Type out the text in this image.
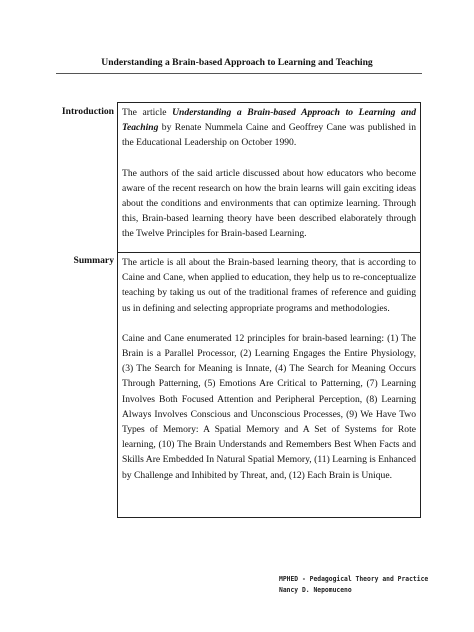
Understanding a Brain-based Approach to Learning and Teaching
Introduction The article Understanding a Brain-based Approach to Learning and Teaching by Renate Nummela Caine and Geoffrey Cane was published in the Educational Leadership on October 1990.

The authors of the said article discussed about how educators who become aware of the recent research on how the brain learns will gain exciting ideas about the conditions and environments that can optimize learning. Through this, Brain-based learning theory have been described elaborately through the Twelve Principles for Brain-based Learning.

Summary The article is all about the Brain-based learning theory, that is according to Caine and Cane, when applied to education, they help us to re-conceptualize teaching by taking us out of the traditional frames of reference and guiding us in defining and selecting appropriate programs and methodologies.

Caine and Cane enumerated 12 principles for brain-based learning: (1) The Brain is a Parallel Processor, (2) Learning Engages the Entire Physiology, (3) The Search for Meaning is Innate, (4) The Search for Meaning Occurs Through Patterning, (5) Emotions Are Critical to Patterning, (7) Learning Involves Both Focused Attention and Peripheral Perception, (8) Learning Always Involves Conscious and Unconscious Processes, (9) We Have Two Types of Memory: A Spatial Memory and A Set of Systems for Rote learning, (10) The Brain Understands and Remembers Best When Facts and Skills Are Embedded In Natural Spatial Memory, (11) Learning is Enhanced by Challenge and Inhibited by Threat, and, (12) Each Brain is Unique.

MPHED - Pedagogical Theory and Practice
Nancy D. Nepomuceno
